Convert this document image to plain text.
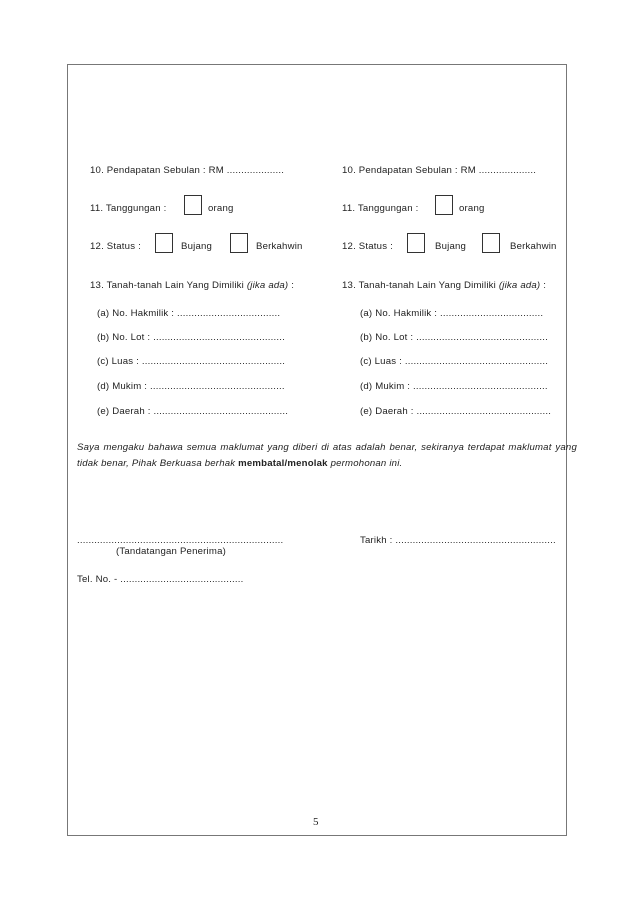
10. Pendapatan Sebulan : RM ....................
11. Tanggungan :	orang
12. Status :	Bujang	Berkahwin
13. Tanah-tanah Lain Yang Dimiliki (jika ada) :
(a) No. Hakmilik : ....................................
(b) No. Lot : ..............................................
(c) Luas : ..................................................
(d) Mukim : ...............................................
(e) Daerah : ...............................................
10. Pendapatan Sebulan : RM ....................
11. Tanggungan :	orang
12. Status :	Bujang	Berkahwin
13. Tanah-tanah Lain Yang Dimiliki (jika ada) :
(a) No. Hakmilik : ....................................
(b) No. Lot : ..............................................
(c) Luas : ..................................................
(d) Mukim : ...............................................
(e) Daerah : ...............................................
Saya mengaku bahawa semua maklumat yang diberi di atas adalah benar, sekiranya terdapat maklumat yang tidak benar, Pihak Berkuasa berhak membatal/menolak permohonan ini.
........................................................................
(Tandatangan Penerima)
Tarikh : ........................................................
Tel. No. - ...........................................
5
